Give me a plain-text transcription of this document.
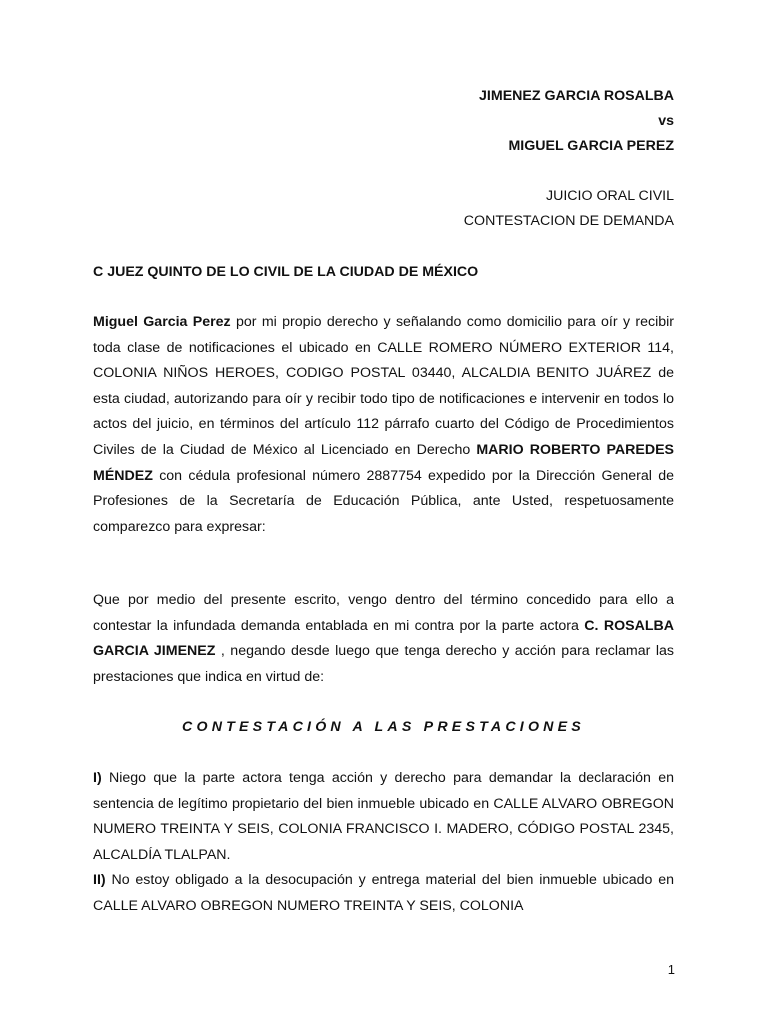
JIMENEZ GARCIA ROSALBA

vs

MIGUEL GARCIA PEREZ

JUICIO ORAL CIVIL

CONTESTACION DE DEMANDA

C JUEZ QUINTO DE LO CIVIL DE LA CIUDAD DE MÉXICO

Miguel Garcia Perez por mi propio derecho y señalando como domicilio para oír y recibir toda clase de notificaciones el ubicado en CALLE ROMERO NÚMERO EXTERIOR 114, COLONIA NIÑOS HEROES, CODIGO POSTAL 03440, ALCALDIA BENITO JUÁREZ de esta ciudad, autorizando para oír y recibir todo tipo de notificaciones e intervenir en todos lo actos del juicio, en términos del artículo 112 párrafo cuarto del Código de Procedimientos Civiles de la Ciudad de México al Licenciado en Derecho MARIO ROBERTO PAREDES MÉNDEZ con cédula profesional número 2887754 expedido por la Dirección General de Profesiones de la Secretaría de Educación Pública, ante Usted, respetuosamente comparezco para expresar:

Que por medio del presente escrito, vengo dentro del término concedido para ello a contestar la infundada demanda entablada en mi contra por la parte actora C. ROSALBA GARCIA JIMENEZ , negando desde luego que tenga derecho y acción para reclamar las prestaciones que indica en virtud de:

CONTESTACIÓN A LAS PRESTACIONES

I) Niego que la parte actora tenga acción y derecho para demandar la declaración en sentencia de legítimo propietario del bien inmueble ubicado en CALLE ALVARO OBREGON NUMERO TREINTA Y SEIS, COLONIA FRANCISCO I. MADERO, CÓDIGO POSTAL 2345, ALCALDÍA TLALPAN.

II) No estoy obligado a la desocupación y entrega material del bien inmueble ubicado en CALLE ALVARO OBREGON NUMERO TREINTA Y SEIS, COLONIA

1
